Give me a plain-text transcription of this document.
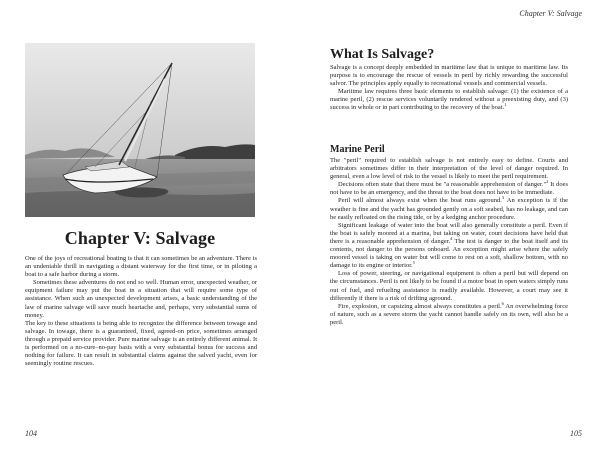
Chapter V: Salvage

One of the joys of recreational boating is that it can sometimes be an adventure. There is an undeniable thrill in navigating a distant waterway for the first time, or in piloting a boat to a safe harbor during a storm.

Sometimes these adventures do not end so well. Human error, unexpected weather, or equipment failure may put the boat in a situation that will require some type of assistance. When such an unexpected development arises, a basic understanding of the law of marine salvage will save much heartache and, perhaps, very substantial sums of money.

The key to these situations is being able to recognize the difference between towage and salvage. In towage, there is a guaranteed, fixed, agreed-on price, sometimes arranged through a prepaid service provider. Pure marine salvage is an entirely different animal. It is performed on a no-cure–no-pay basis with a very substantial bonus for success and nothing for failure. It can result in substantial claims against the salved yacht, even for seemingly routine rescues.

104
Chapter V: Salvage
What Is Salvage?

Salvage is a concept deeply embedded in maritime law that is unique to maritime law. Its purpose is to encourage the rescue of vessels in peril by richly rewarding the successful salvor. The principles apply equally to recreational vessels and commercial vessels.

Maritime law requires three basic elements to establish salvage: (1) the existence of a marine peril, (2) rescue services voluntarily rendered without a preexisting duty, and (3) success in whole or in part contributing to the recovery of the boat.$^1$

Marine Peril

The "peril" required to establish salvage is not entirely easy to define. Courts and arbitrators sometimes differ in their interpretation of the level of danger required. In general, even a low level of risk to the vessel is likely to meet the peril requirement.

Decisions often state that there must be "a reasonable apprehension of danger."$^2$ It does not have to be an emergency, and the threat to the boat does not have to be immediate.

Peril will almost always exist when the boat runs aground.$^3$ An exception is if the weather is fine and the yacht has grounded gently on a soft seabed, has no leakage, and can be easily refloated on the rising tide, or by a kedging anchor procedure.

Significant leakage of water into the boat will also generally constitute a peril. Even if the boat is safely moored at a marina, but taking on water, court decisions have held that there is a reasonable apprehension of danger.$^4$ The test is danger to the boat itself and its contents, not danger to the persons onboard. An exception might arise where the safely moored vessel is taking on water but will come to rest on a soft, shallow bottom, with no damage to its engine or interior.$^5$

Loss of power, steering, or navigational equipment is often a peril but will depend on the circumstances. Peril is not likely to be found if a motor boat in open waters simply runs out of fuel, and refueling assistance is readily available. However, a court may see it differently if there is a risk of drifting aground.

Fire, explosion, or capsizing almost always constitutes a peril.$^6$ An overwhelming force of nature, such as a severe storm the yacht cannot handle safely on its own, will also be a peril.

105
